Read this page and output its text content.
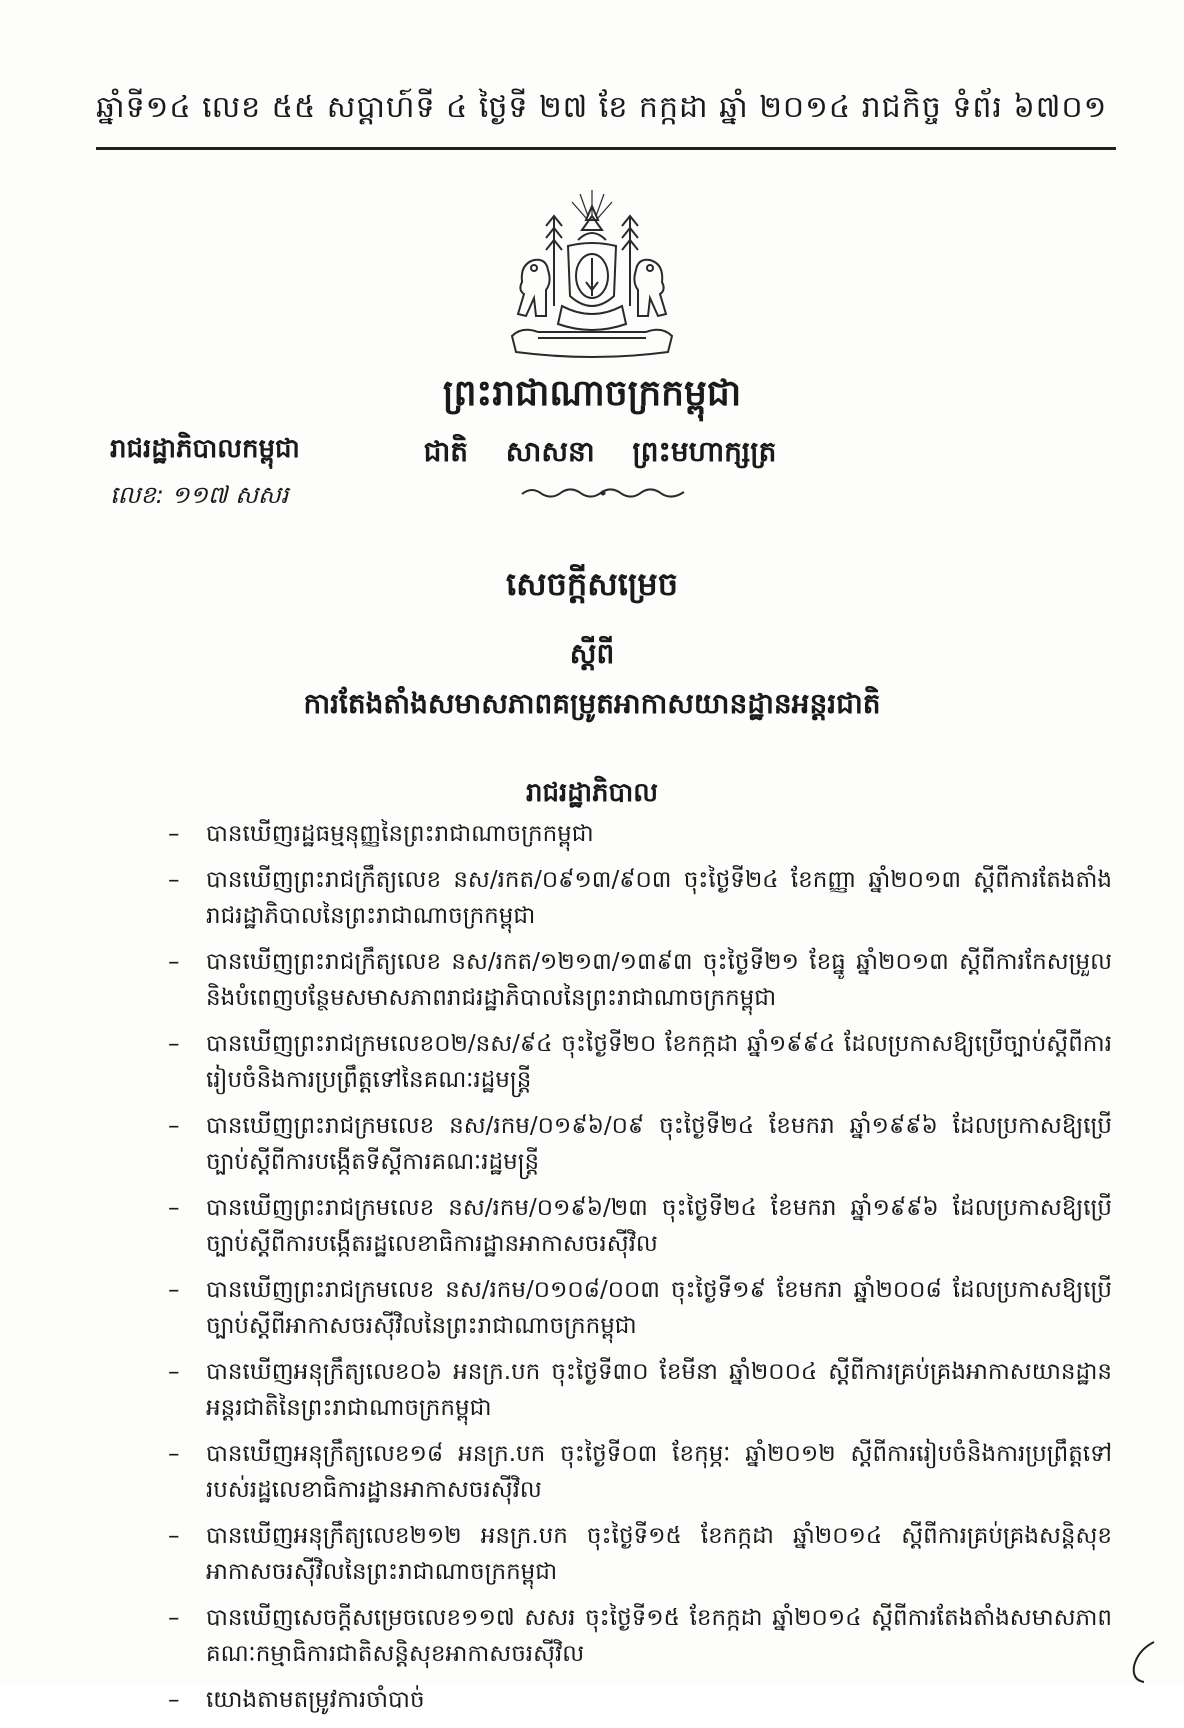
ឆ្នាំទី១៤ លេខ ៥៥ សប្ដាហ៍ទី ៤ ថ្ងៃទី ២៧ ខែ កក្កដា ឆ្នាំ ២០១៤ រាជកិច្ច ទំព័រ ៦៧០១
ព្រះរាជាណាចក្រកម្ពុជា
ជាតិ សាសនា ព្រះមហាក្សត្រ
រាជរដ្ឋាភិបាលកម្ពុជា
លេខ: ១១៧ សសរ
សេចក្ដីសម្រេច
ស្ដីពី
ការតែងតាំងសមាសភាពគម្រូតអាកាសយានដ្ឋានអន្តរជាតិ
រាជរដ្ឋាភិបាល
– បានឃើញរដ្ឋធម្មនុញ្ញនៃព្រះរាជាណាចក្រកម្ពុជា
– បានឃើញព្រះរាជក្រឹត្យលេខ នស/រកត/០៩១៣/៩០៣ ចុះថ្ងៃទី២៤ ខែកញ្ញា ឆ្នាំ២០១៣ ស្ដីពីការតែងតាំងរាជរដ្ឋាភិបាលនៃព្រះរាជាណាចក្រកម្ពុជា
– បានឃើញព្រះរាជក្រឹត្យលេខ នស/រកត/១២១៣/១៣៩៣ ចុះថ្ងៃទី២១ ខែធ្នូ ឆ្នាំ២០១៣ ស្ដីពីការកែសម្រួលនិងបំពេញបន្ថែមសមាសភាពរាជរដ្ឋាភិបាលនៃព្រះរាជាណាចក្រកម្ពុជា
– បានឃើញព្រះរាជក្រមលេខ០២/នស/៩៤ ចុះថ្ងៃទី២០ ខែកក្កដា ឆ្នាំ១៩៩៤ ដែលប្រកាសឱ្យប្រើច្បាប់ស្ដីពីការរៀបចំនិងការប្រព្រឹត្តទៅនៃគណៈរដ្ឋមន្ត្រី
– បានឃើញព្រះរាជក្រមលេខ នស/រកម/០១៩៦/០៩ ចុះថ្ងៃទី២៤ ខែមករា ឆ្នាំ១៩៩៦ ដែលប្រកាសឱ្យប្រើច្បាប់ស្ដីពីការបង្កើតទីស្ដីការគណៈរដ្ឋមន្ត្រី
– បានឃើញព្រះរាជក្រមលេខ នស/រកម/០១៩៦/២៣ ចុះថ្ងៃទី២៤ ខែមករា ឆ្នាំ១៩៩៦ ដែលប្រកាសឱ្យប្រើច្បាប់ស្ដីពីការបង្កើតរដ្ឋលេខាធិការដ្ឋានអាកាសចរស៊ីវិល
– បានឃើញព្រះរាជក្រមលេខ នស/រកម/០១០៨/០០៣ ចុះថ្ងៃទី១៩ ខែមករា ឆ្នាំ២០០៨ ដែលប្រកាសឱ្យប្រើច្បាប់ស្ដីពីអាកាសចរស៊ីវិលនៃព្រះរាជាណាចក្រកម្ពុជា
– បានឃើញអនុក្រឹត្យលេខ០៦ អនក្រ.បក ចុះថ្ងៃទី៣០ ខែមីនា ឆ្នាំ២០០៤ ស្ដីពីការគ្រប់គ្រងអាកាសយានដ្ឋានអន្តរជាតិនៃព្រះរាជាណាចក្រកម្ពុជា
– បានឃើញអនុក្រឹត្យលេខ១៨ អនក្រ.បក ចុះថ្ងៃទី០៣ ខែកុម្ភៈ ឆ្នាំ២០១២ ស្ដីពីការរៀបចំនិងការប្រព្រឹត្តទៅរបស់រដ្ឋលេខាធិការដ្ឋានអាកាសចរស៊ីវិល
– បានឃើញអនុក្រឹត្យលេខ២១២ អនក្រ.បក ចុះថ្ងៃទី១៥ ខែកក្កដា ឆ្នាំ២០១៤ ស្ដីពីការគ្រប់គ្រងសន្តិសុខអាកាសចរស៊ីវិលនៃព្រះរាជាណាចក្រកម្ពុជា
– បានឃើញសេចក្ដីសម្រេចលេខ១១៧ សសរ ចុះថ្ងៃទី១៥ ខែកក្កដា ឆ្នាំ២០១៤ ស្ដីពីការតែងតាំងសមាសភាពគណៈកម្មាធិការជាតិសន្តិសុខអាកាសចរស៊ីវិល
– យោងតាមតម្រូវការចាំបាច់
